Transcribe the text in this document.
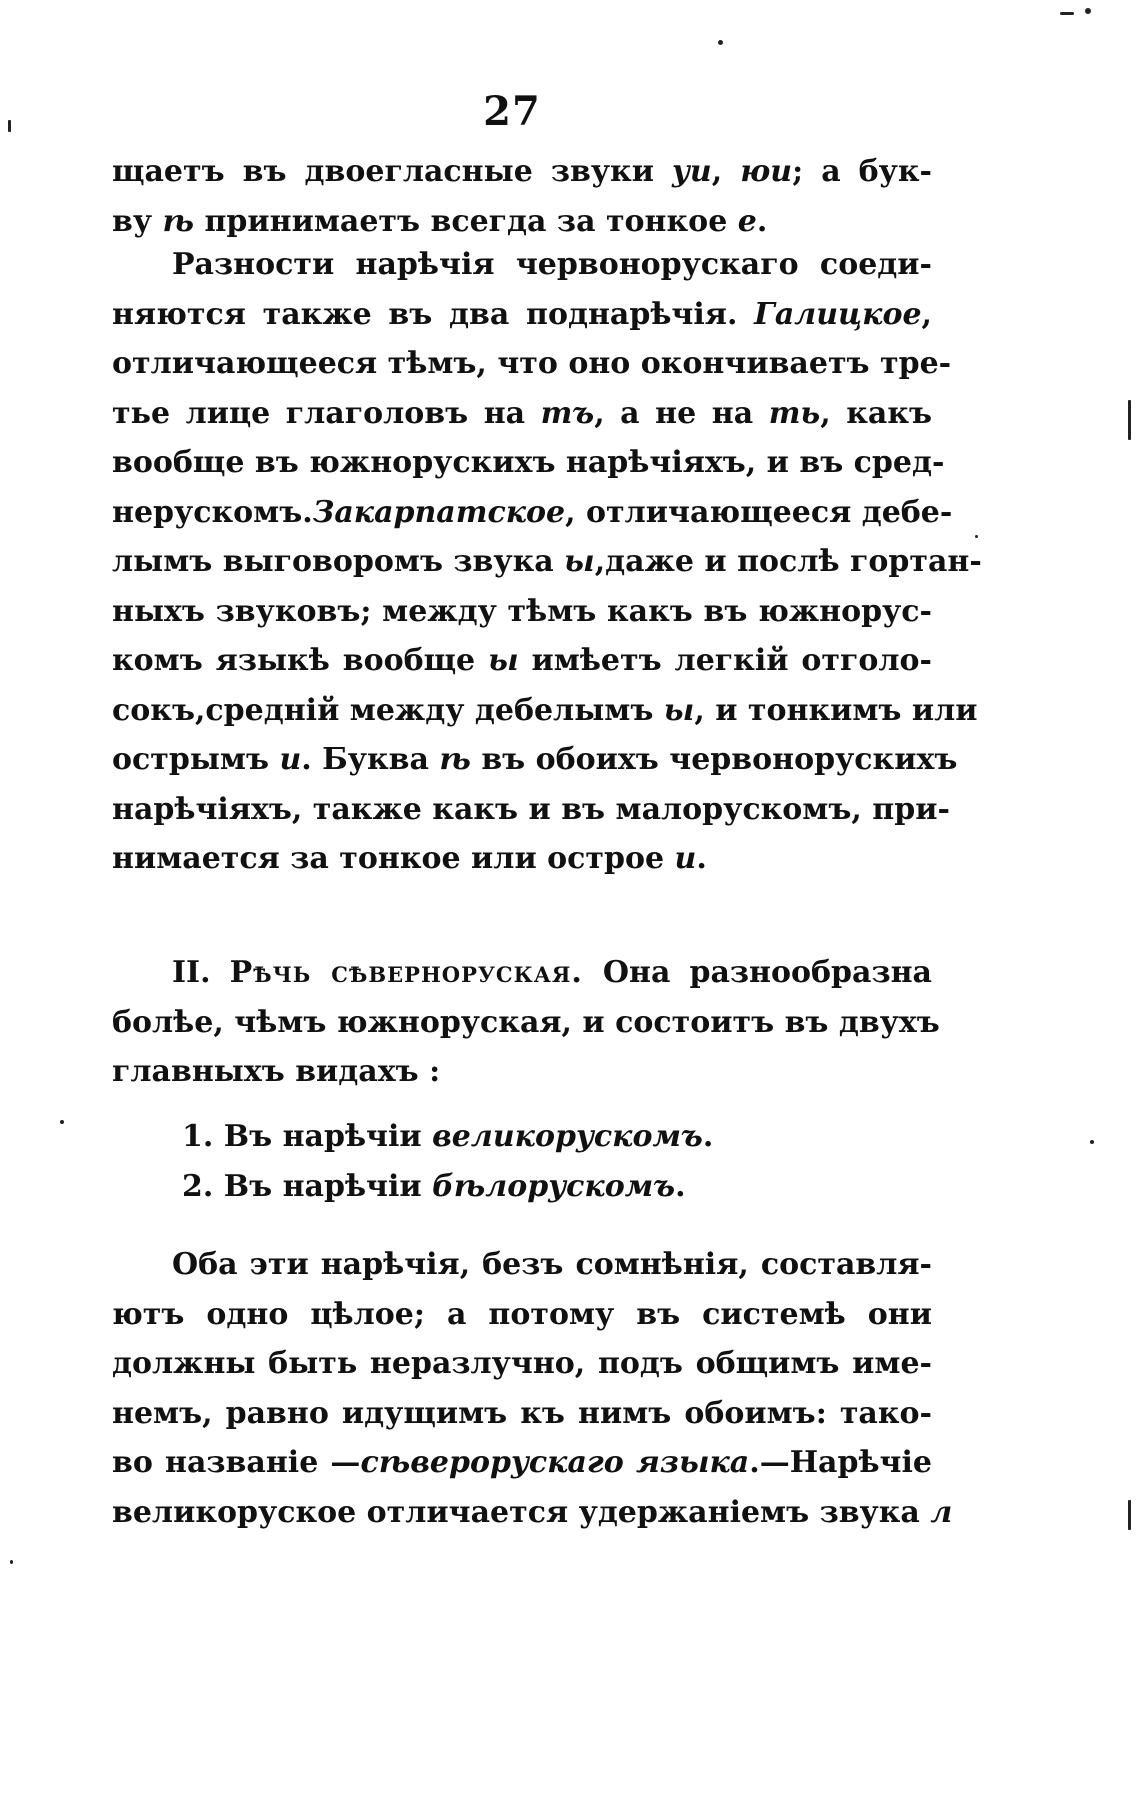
27
щаетъ въ двоегласные звуки уи, юи; а бук-
ву ѣ принимаетъ всегда за тонкое е.
Разности нарѣчія червонорускаго соеди-
няются также въ два поднарѣчія. Галицкое,
отличающееся тѣмъ, что оно окончиваетъ тре-
тье лице глаголовъ на тъ, а не на ть, какъ
вообще въ южнорускихъ нарѣчіяхъ, и въ сред-
нерускомъ.Закарпатское, отличающееся дебе-
лымъ выговоромъ звука ы,даже и послѣ гортан-
ныхъ звуковъ; между тѣмъ какъ въ южнорус-
комъ языкѣ вообще ы имѣетъ легкій отголо-
сокъ,средній между дебелымъ ы, и тонкимъ или
острымъ и. Буква ѣ въ обоихъ червонорускихъ
нарѣчіяхъ, также какъ и въ малорускомъ, при-
нимается за тонкое или острое и.
II. Рѣчь сѣверноруская. Она разнообразна
болѣе, чѣмъ южноруская, и состоитъ въ двухъ
главныхъ видахъ :
1. Въ нарѣчіи великорускомъ.
2. Въ нарѣчіи бѣлорускомъ.
Оба эти нарѣчія, безъ сомнѣнія, составля-
ютъ одно цѣлое; а потому въ системѣ они
должны быть неразлучно, подъ общимъ име-
немъ, равно идущимъ къ нимъ обоимъ: тако-
во названіе —сѣверорускаго языка.—Нарѣчіе
великорускоe отличается удержаніемъ звука л
